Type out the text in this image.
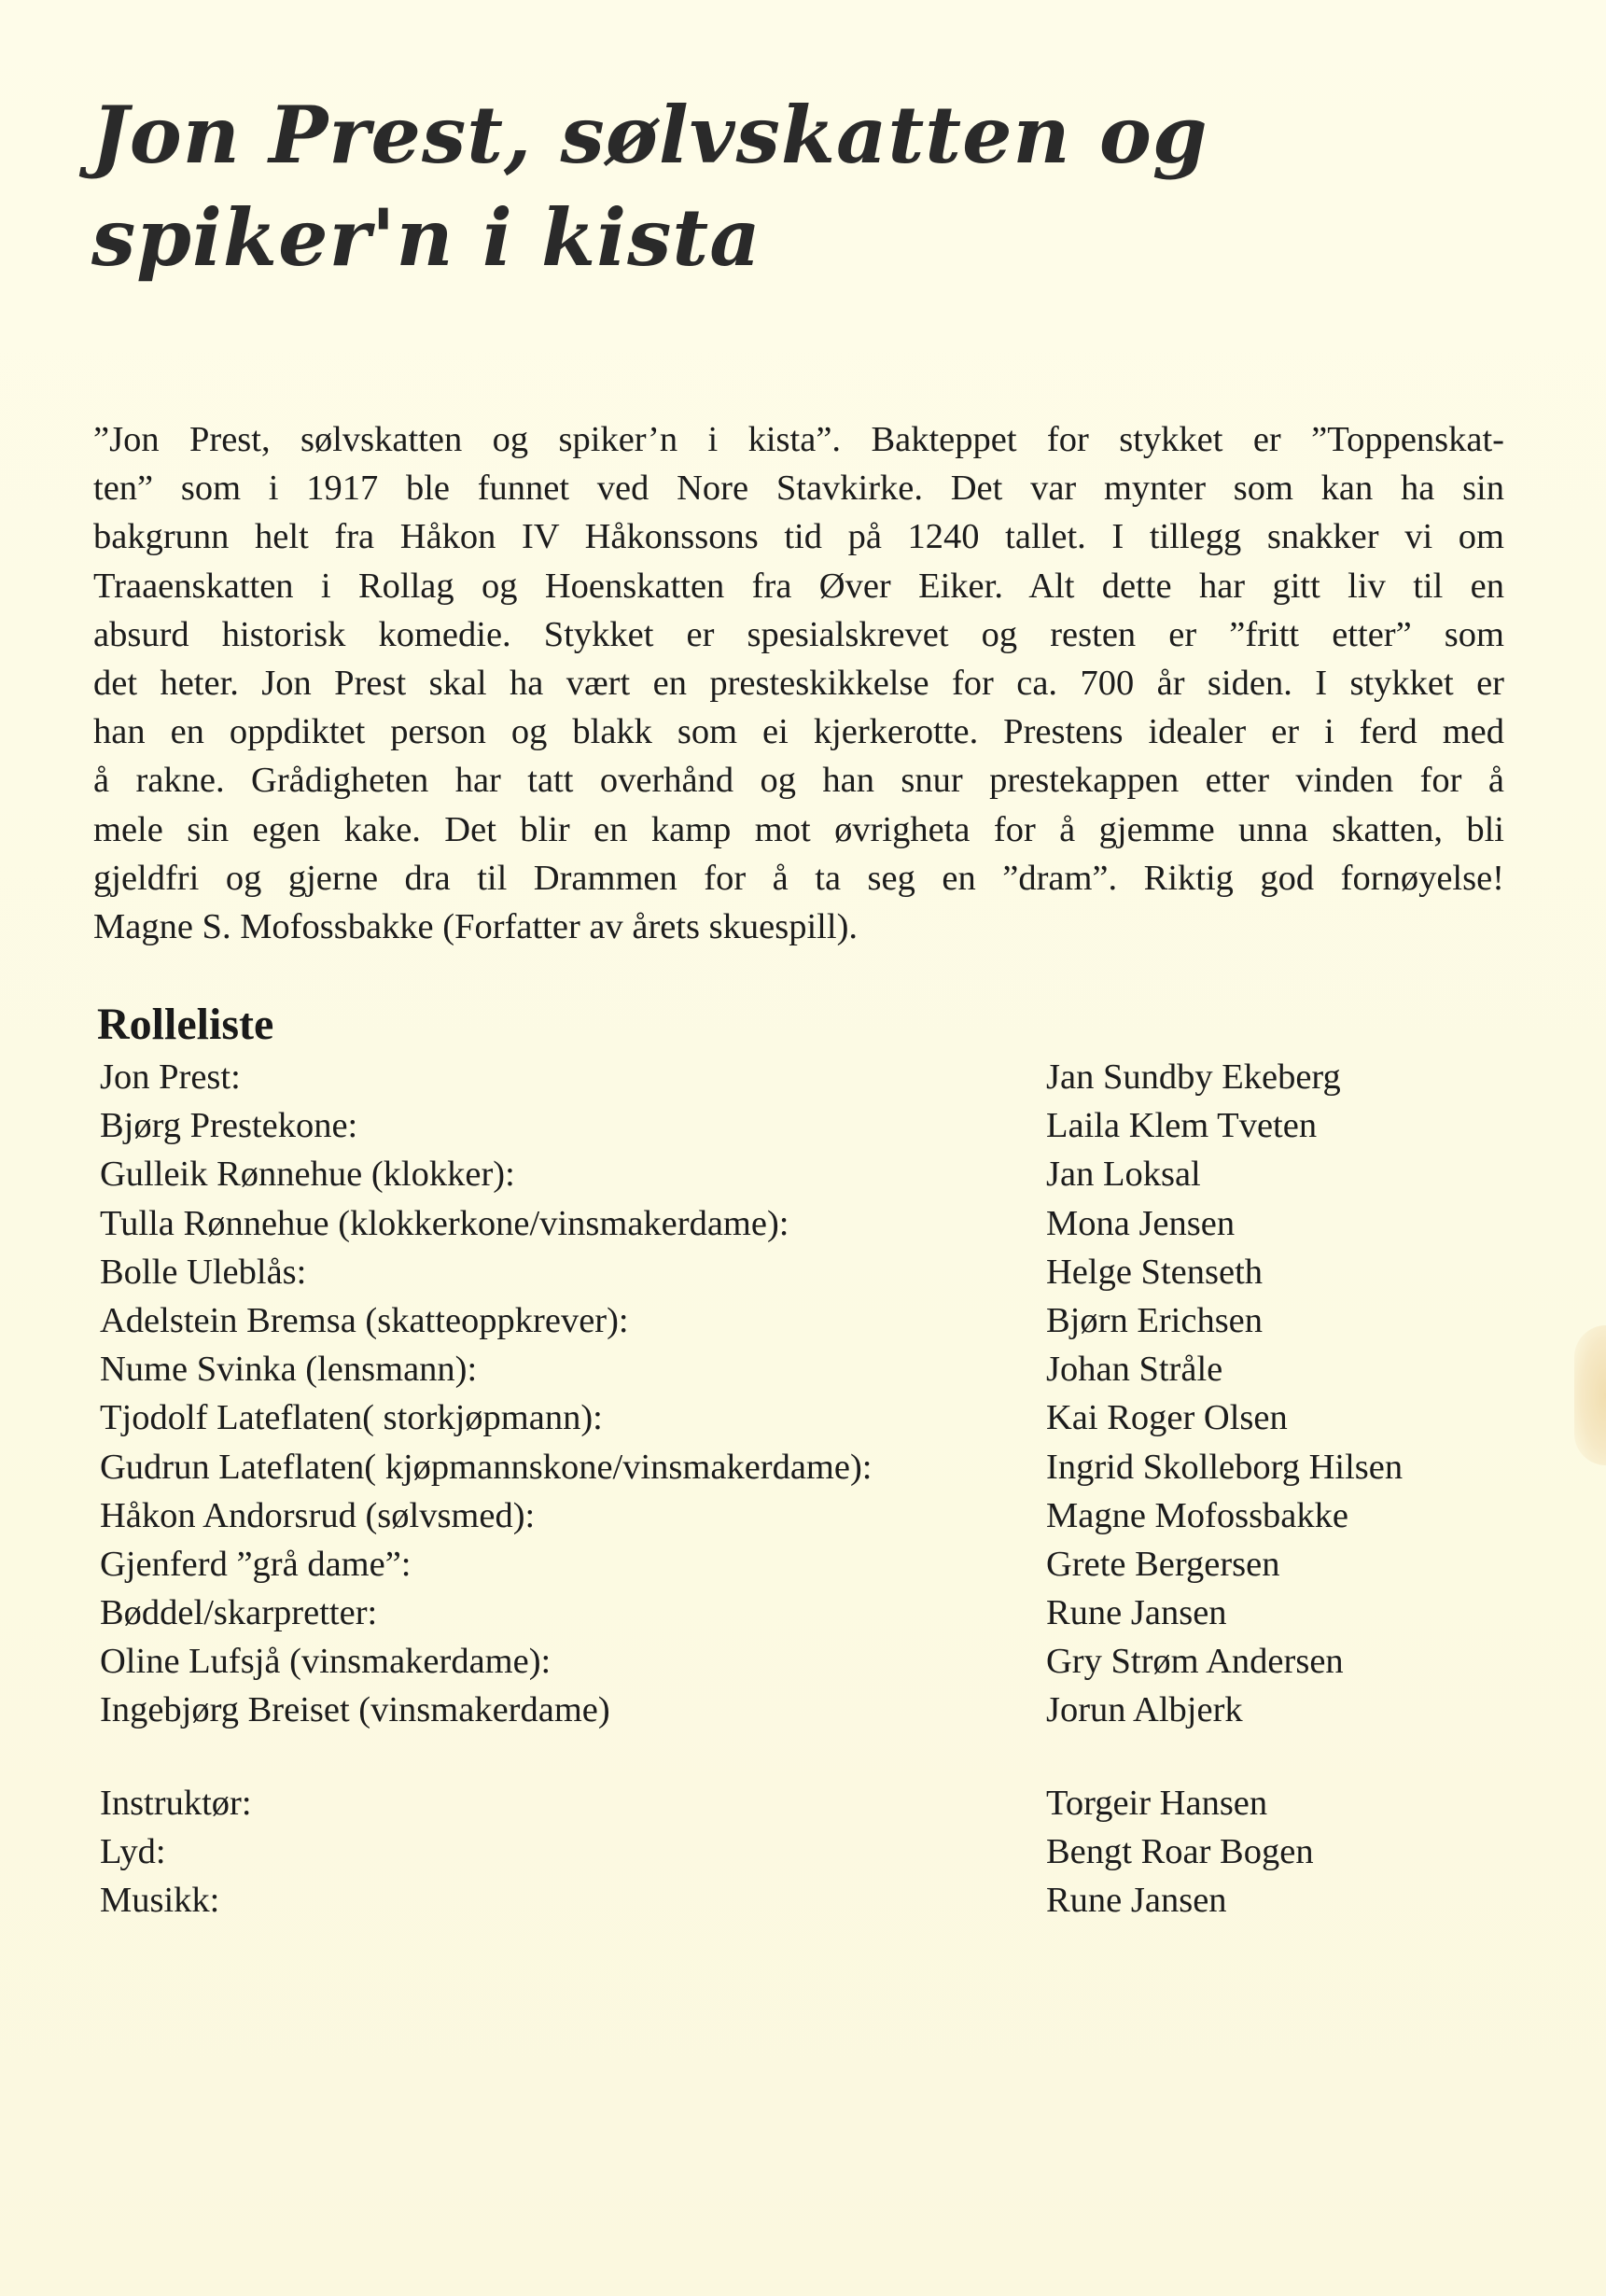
Jon Prest, sølvskatten og
spiker'n i kista

”Jon Prest, sølvskatten og spiker’n i kista”. Bakteppet for stykket er ”Toppenskat-
ten” som i 1917 ble funnet ved Nore Stavkirke. Det var mynter som kan ha sin
bakgrunn helt fra Håkon IV Håkonssons tid på 1240 tallet. I tillegg snakker vi om
Traaenskatten i Rollag og Hoenskatten fra Øver Eiker. Alt dette har gitt liv til en
absurd historisk komedie. Stykket er spesialskrevet og resten er ”fritt etter” som
det heter. Jon Prest skal ha vært en presteskikkelse for ca. 700 år siden. I stykket er
han en oppdiktet person og blakk som ei kjerkerotte. Prestens idealer er i ferd med
å rakne. Grådigheten har tatt overhånd og han snur prestekappen etter vinden for å
mele sin egen kake. Det blir en kamp mot øvrigheta for å gjemme unna skatten, bli
gjeldfri og gjerne dra til Drammen for å ta seg en ”dram”. Riktig god fornøyelse!
Magne S. Mofossbakke (Forfatter av årets skuespill).

Rolleliste
Jon Prest:	Jan Sundby Ekeberg
Bjørg Prestekone:	Laila Klem Tveten
Gulleik Rønnehue (klokker):	Jan Loksal
Tulla Rønnehue (klokkerkone/vinsmakerdame):	Mona Jensen
Bolle Uleblås:	Helge Stenseth
Adelstein Bremsa (skatteoppkrever):	Bjørn Erichsen
Nume Svinka (lensmann):	Johan Stråle
Tjodolf Lateflaten( storkjøpmann):	Kai Roger Olsen
Gudrun Lateflaten( kjøpmannskone/vinsmakerdame):	Ingrid Skolleborg Hilsen
Håkon Andorsrud (sølvsmed):	Magne Mofossbakke
Gjenferd ”grå dame”:	Grete Bergersen
Bøddel/skarpretter:	Rune Jansen
Oline Lufsjå (vinsmakerdame):	Gry Strøm Andersen
Ingebjørg Breiset (vinsmakerdame)	Jorun Albjerk
Instruktør:	Torgeir Hansen
Lyd:	Bengt Roar Bogen
Musikk:	Rune Jansen
